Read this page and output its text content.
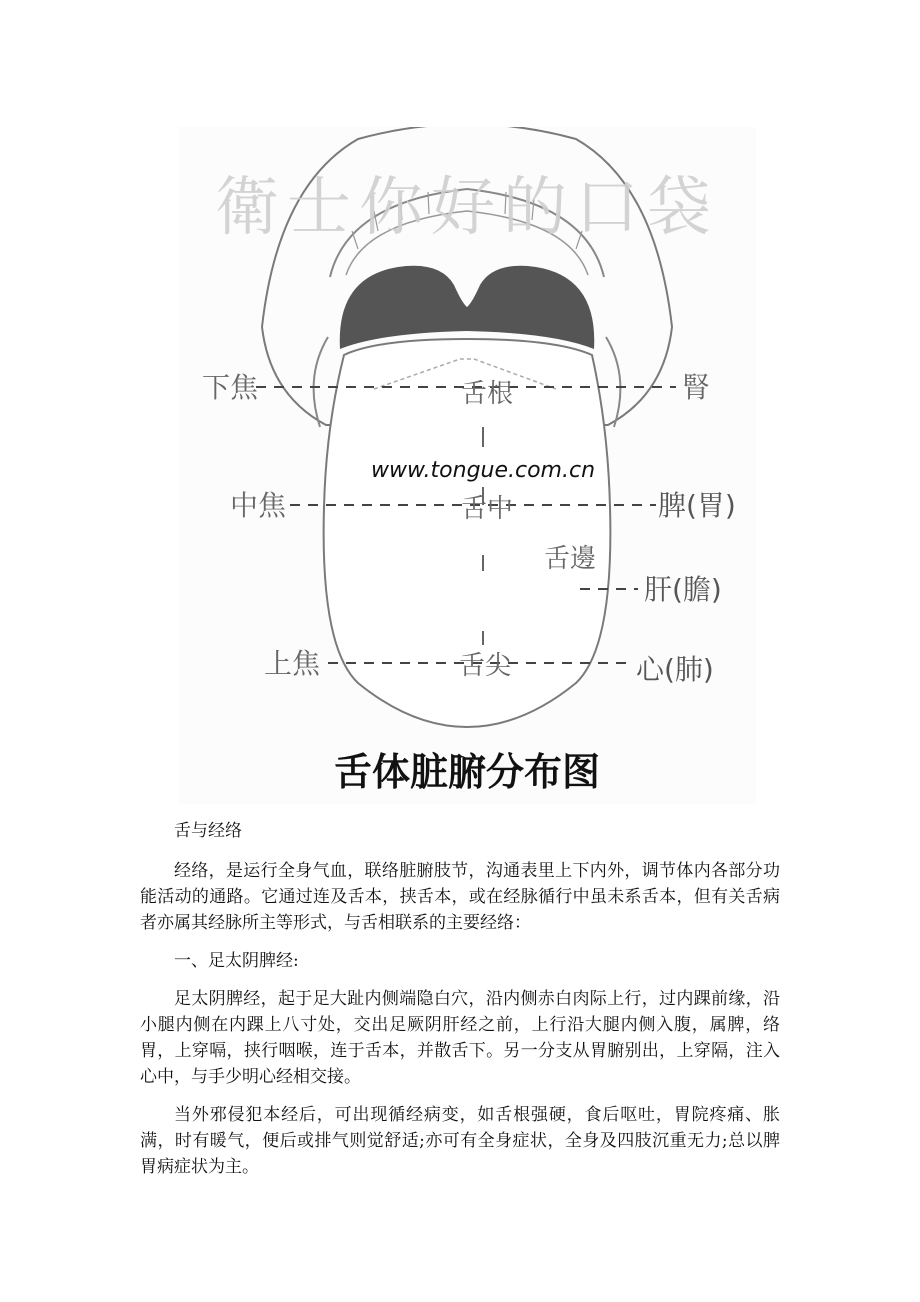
衛士你好的口袋
www.tongue.com.cn
舌根
舌中
舌邊
舌尖
下焦
中焦
上焦
腎
脾(胃)
肝(膽)
心(肺)
舌体脏腑分布图

舌与经络

经络，是运行全身气血，联络脏腑肢节，沟通表里上下内外，调节体内各部分功能活动的通路。它通过连及舌本，挟舌本，或在经脉循行中虽未系舌本，但有关舌病者亦属其经脉所主等形式，与舌相联系的主要经络：

一、足太阴脾经:

足太阴脾经，起于足大趾内侧端隐白穴，沿内侧赤白肉际上行，过内踝前缘，沿小腿内侧在内踝上八寸处，交出足厥阴肝经之前，上行沿大腿内侧入腹，属脾，络胃，上穿嗝，挟行咽喉，连于舌本，并散舌下。另一分支从胃腑别出，上穿隔，注入心中，与手少明心经相交接。

当外邪侵犯本经后，可出现循经病变，如舌根强硬，食后呕吐，胃院疼痛、胀满，时有暖气，便后或排气则觉舒适;亦可有全身症状，全身及四肢沉重无力;总以脾胃病症状为主。
